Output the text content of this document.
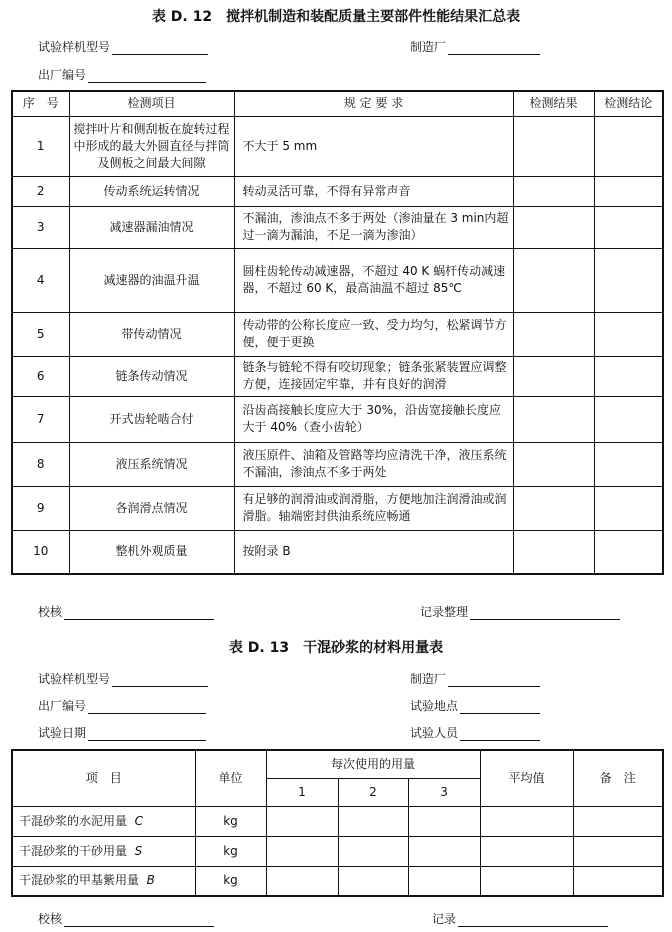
表 D. 12　搅拌机制造和装配质量主要部件性能结果汇总表
试验样机型号	制造厂
出厂编号
序　号	检测项目	规 定 要 求	检测结果	检测结论
1	搅拌叶片和侧刮板在旋转过程中形成的最大外圆直径与拌筒及侧板之间最大间隙	不大于 5 mm		
2	传动系统运转情况	转动灵活可靠，不得有异常声音		
3	减速器漏油情况	不漏油，渗油点不多于两处（渗油量在 3 min内超过一滴为漏油，不足一滴为渗油）		
4	减速器的油温升温	圆柱齿轮传动减速器，不超过 40 K 蜗杆传动减速器，不超过 60 K，最高油温不超过 85℃		
5	带传动情况	传动带的公称长度应一致、受力均匀，松紧调节方便，便于更换		
6	链条传动情况	链条与链轮不得有咬切现象；链条张紧装置应调整方便，连接固定牢靠，并有良好的润滑		
7	开式齿轮啮合付	沿齿高接触长度应大于 30%，沿齿宽接触长度应大于 40%（查小齿轮）		
8	液压系统情况	液压原件、油箱及管路等均应清洗干净，液压系统不漏油，渗油点不多于两处		
9	各润滑点情况	有足够的润滑油或润滑脂，方便地加注润滑油或润滑脂。轴端密封供油系统应畅通		
10	整机外观质量	按附录 B		
校核	记录整理
表 D. 13　干混砂浆的材料用量表
试验样机型号	制造厂
出厂编号	试验地点
试验日期	试验人员
项　目	单位	每次使用的用量			平均值	备　注
		1	2	3		
干混砂浆的水泥用量 C	kg					
干混砂浆的干砂用量 S	kg					
干混砂浆的甲基紫用量 B	kg					
校核	记录
